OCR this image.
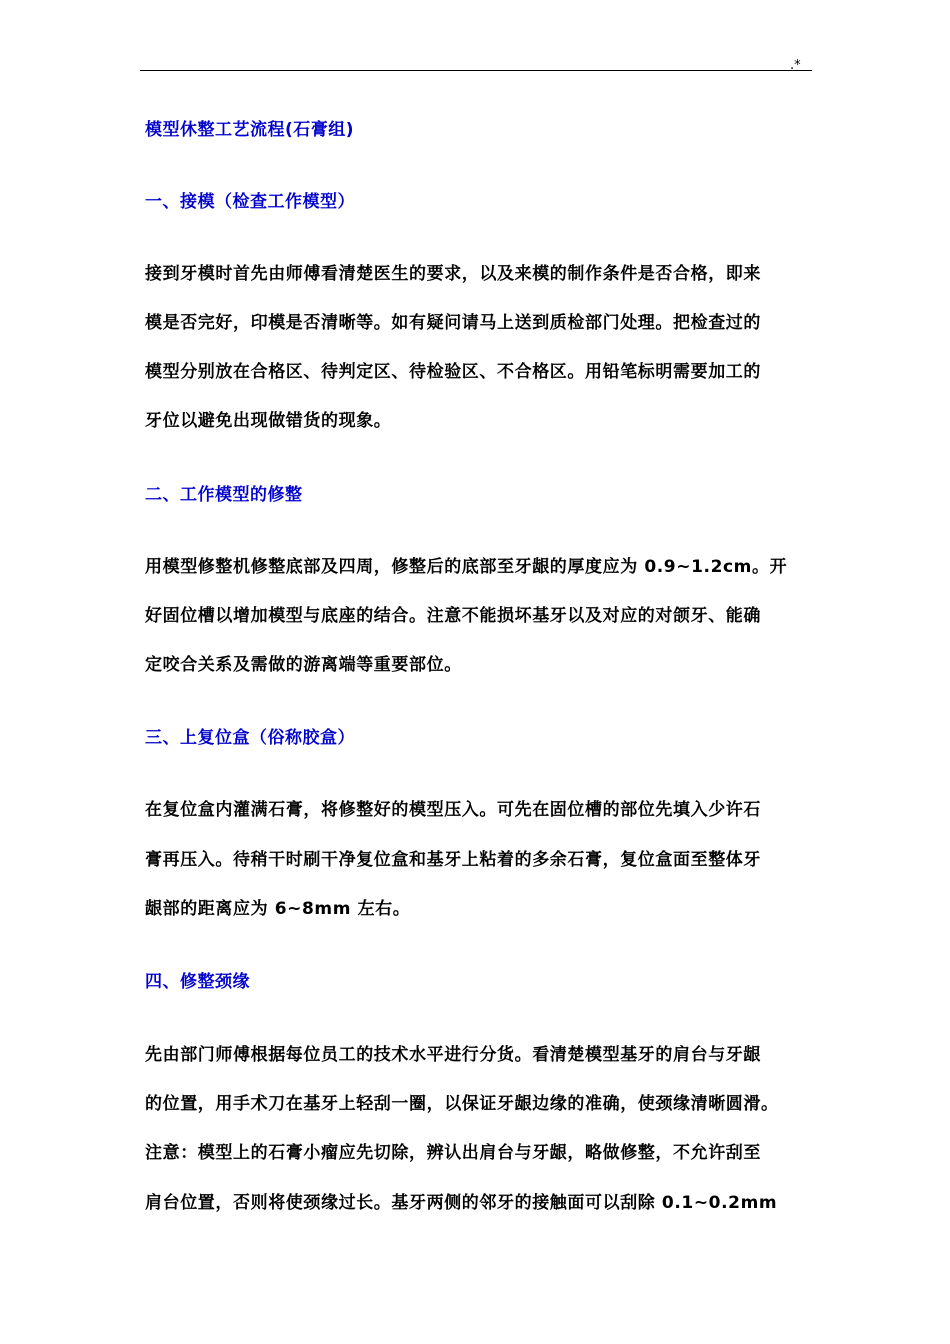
.*
模型休整工艺流程(石膏组)
一、接模（检查工作模型）
接到牙模时首先由师傅看清楚医生的要求，以及来模的制作条件是否合格，即来
模是否完好，印模是否清晰等。如有疑问请马上送到质检部门处理。把检查过的
模型分别放在合格区、待判定区、待检验区、不合格区。用铅笔标明需要加工的
牙位以避免出现做错货的现象。
二、工作模型的修整
用模型修整机修整底部及四周，修整后的底部至牙龈的厚度应为 0.9~1.2cm。开
好固位槽以增加模型与底座的结合。注意不能损坏基牙以及对应的对颌牙、能确
定咬合关系及需做的游离端等重要部位。
三、上复位盒（俗称胶盒）
在复位盒内灌满石膏，将修整好的模型压入。可先在固位槽的部位先填入少许石
膏再压入。待稍干时刷干净复位盒和基牙上粘着的多余石膏，复位盒面至整体牙
龈部的距离应为 6~8mm 左右。
四、修整颈缘
先由部门师傅根据每位员工的技术水平进行分货。看清楚模型基牙的肩台与牙龈
的位置，用手术刀在基牙上轻刮一圈，以保证牙龈边缘的准确，使颈缘清晰圆滑。
注意：模型上的石膏小瘤应先切除，辨认出肩台与牙龈，略做修整，不允许刮至
肩台位置，否则将使颈缘过长。基牙两侧的邻牙的接触面可以刮除 0.1~0.2mm
